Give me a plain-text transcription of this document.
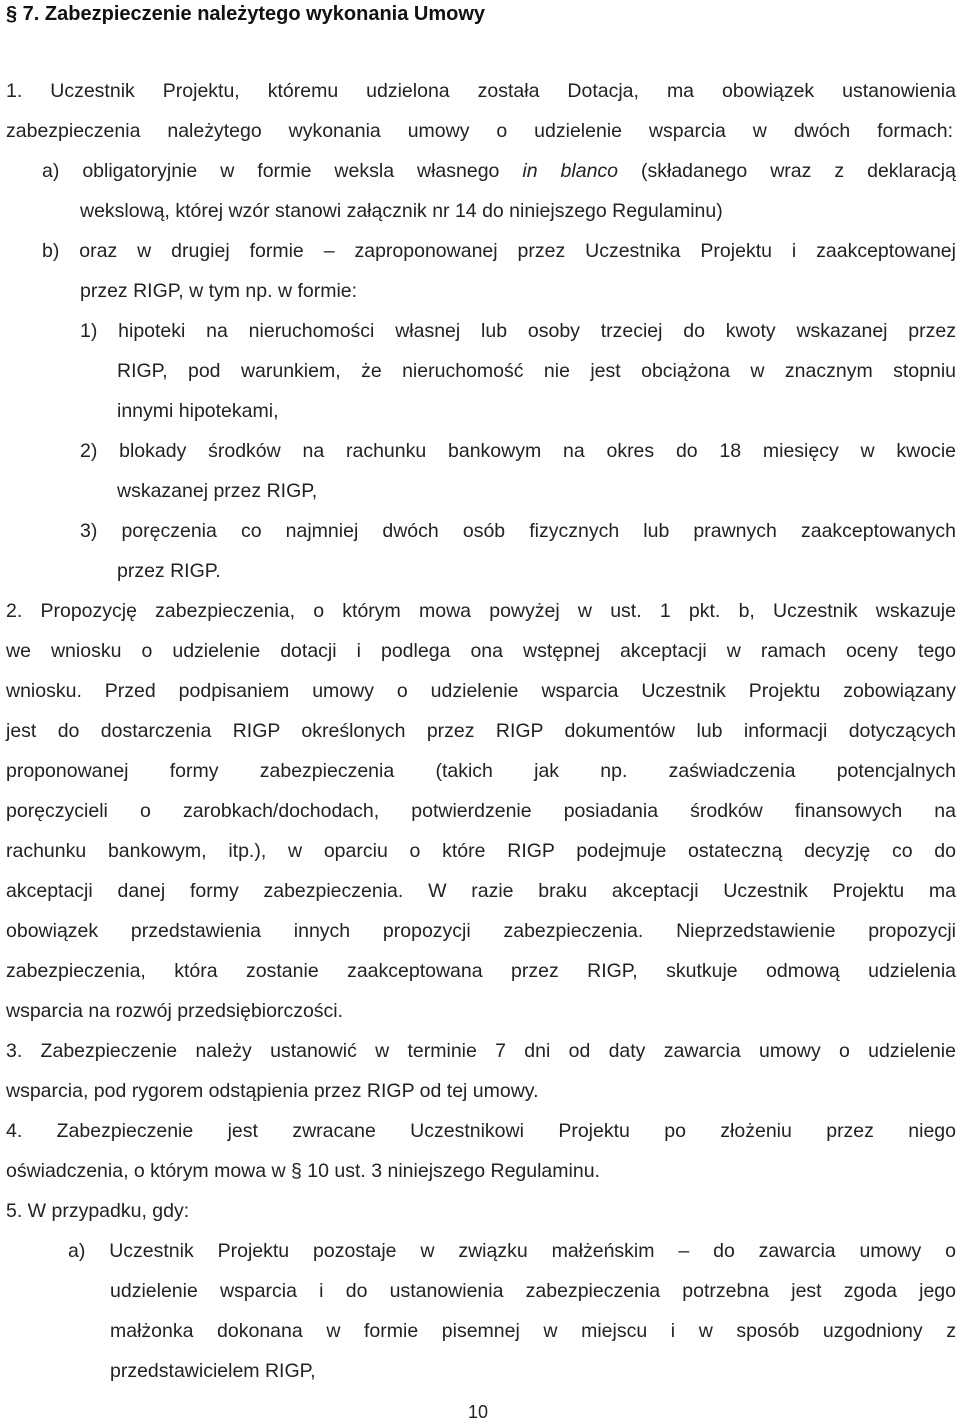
§ 7. Zabezpieczenie należytego wykonania Umowy
1. Uczestnik Projektu, któremu udzielona została Dotacja, ma obowiązek ustanowienia
zabezpieczenia należytego wykonania umowy o udzielenie wsparcia w dwóch formach:
a) obligatoryjnie w formie weksla własnego in blanco (składanego wraz z deklaracją
wekslową, której wzór stanowi załącznik nr 14 do niniejszego Regulaminu)
b) oraz w drugiej formie – zaproponowanej przez Uczestnika Projektu i zaakceptowanej
przez RIGP, w tym np. w formie:
1) hipoteki na nieruchomości własnej lub osoby trzeciej do kwoty wskazanej przez
RIGP, pod warunkiem, że nieruchomość nie jest obciążona w znacznym stopniu
innymi hipotekami,
2) blokady środków na rachunku bankowym na okres do 18 miesięcy w kwocie
wskazanej przez RIGP,
3) poręczenia co najmniej dwóch osób fizycznych lub prawnych zaakceptowanych
przez RIGP.
2. Propozycję zabezpieczenia, o którym mowa powyżej w ust. 1 pkt. b, Uczestnik wskazuje
we wniosku o udzielenie dotacji i podlega ona wstępnej akceptacji w ramach oceny tego
wniosku. Przed podpisaniem umowy o udzielenie wsparcia Uczestnik Projektu zobowiązany
jest do dostarczenia RIGP określonych przez RIGP dokumentów lub informacji dotyczących
proponowanej formy zabezpieczenia (takich jak np. zaświadczenia potencjalnych
poręczycieli o zarobkach/dochodach, potwierdzenie posiadania środków finansowych na
rachunku bankowym, itp.), w oparciu o które RIGP podejmuje ostateczną decyzję co do
akceptacji danej formy zabezpieczenia. W razie braku akceptacji Uczestnik Projektu ma
obowiązek przedstawienia innych propozycji zabezpieczenia. Nieprzedstawienie propozycji
zabezpieczenia, która zostanie zaakceptowana przez RIGP, skutkuje odmową udzielenia
wsparcia na rozwój przedsiębiorczości.
3. Zabezpieczenie należy ustanowić w terminie 7 dni od daty zawarcia umowy o udzielenie
wsparcia, pod rygorem odstąpienia przez RIGP od tej umowy.
4. Zabezpieczenie jest zwracane Uczestnikowi Projektu po złożeniu przez niego
oświadczenia, o którym mowa w § 10 ust. 3 niniejszego Regulaminu.
5. W przypadku, gdy:
a) Uczestnik Projektu pozostaje w związku małżeńskim – do zawarcia umowy o
udzielenie wsparcia i do ustanowienia zabezpieczenia potrzebna jest zgoda jego
małżonka dokonana w formie pisemnej w miejscu i w sposób uzgodniony z
przedstawicielem RIGP,
10
